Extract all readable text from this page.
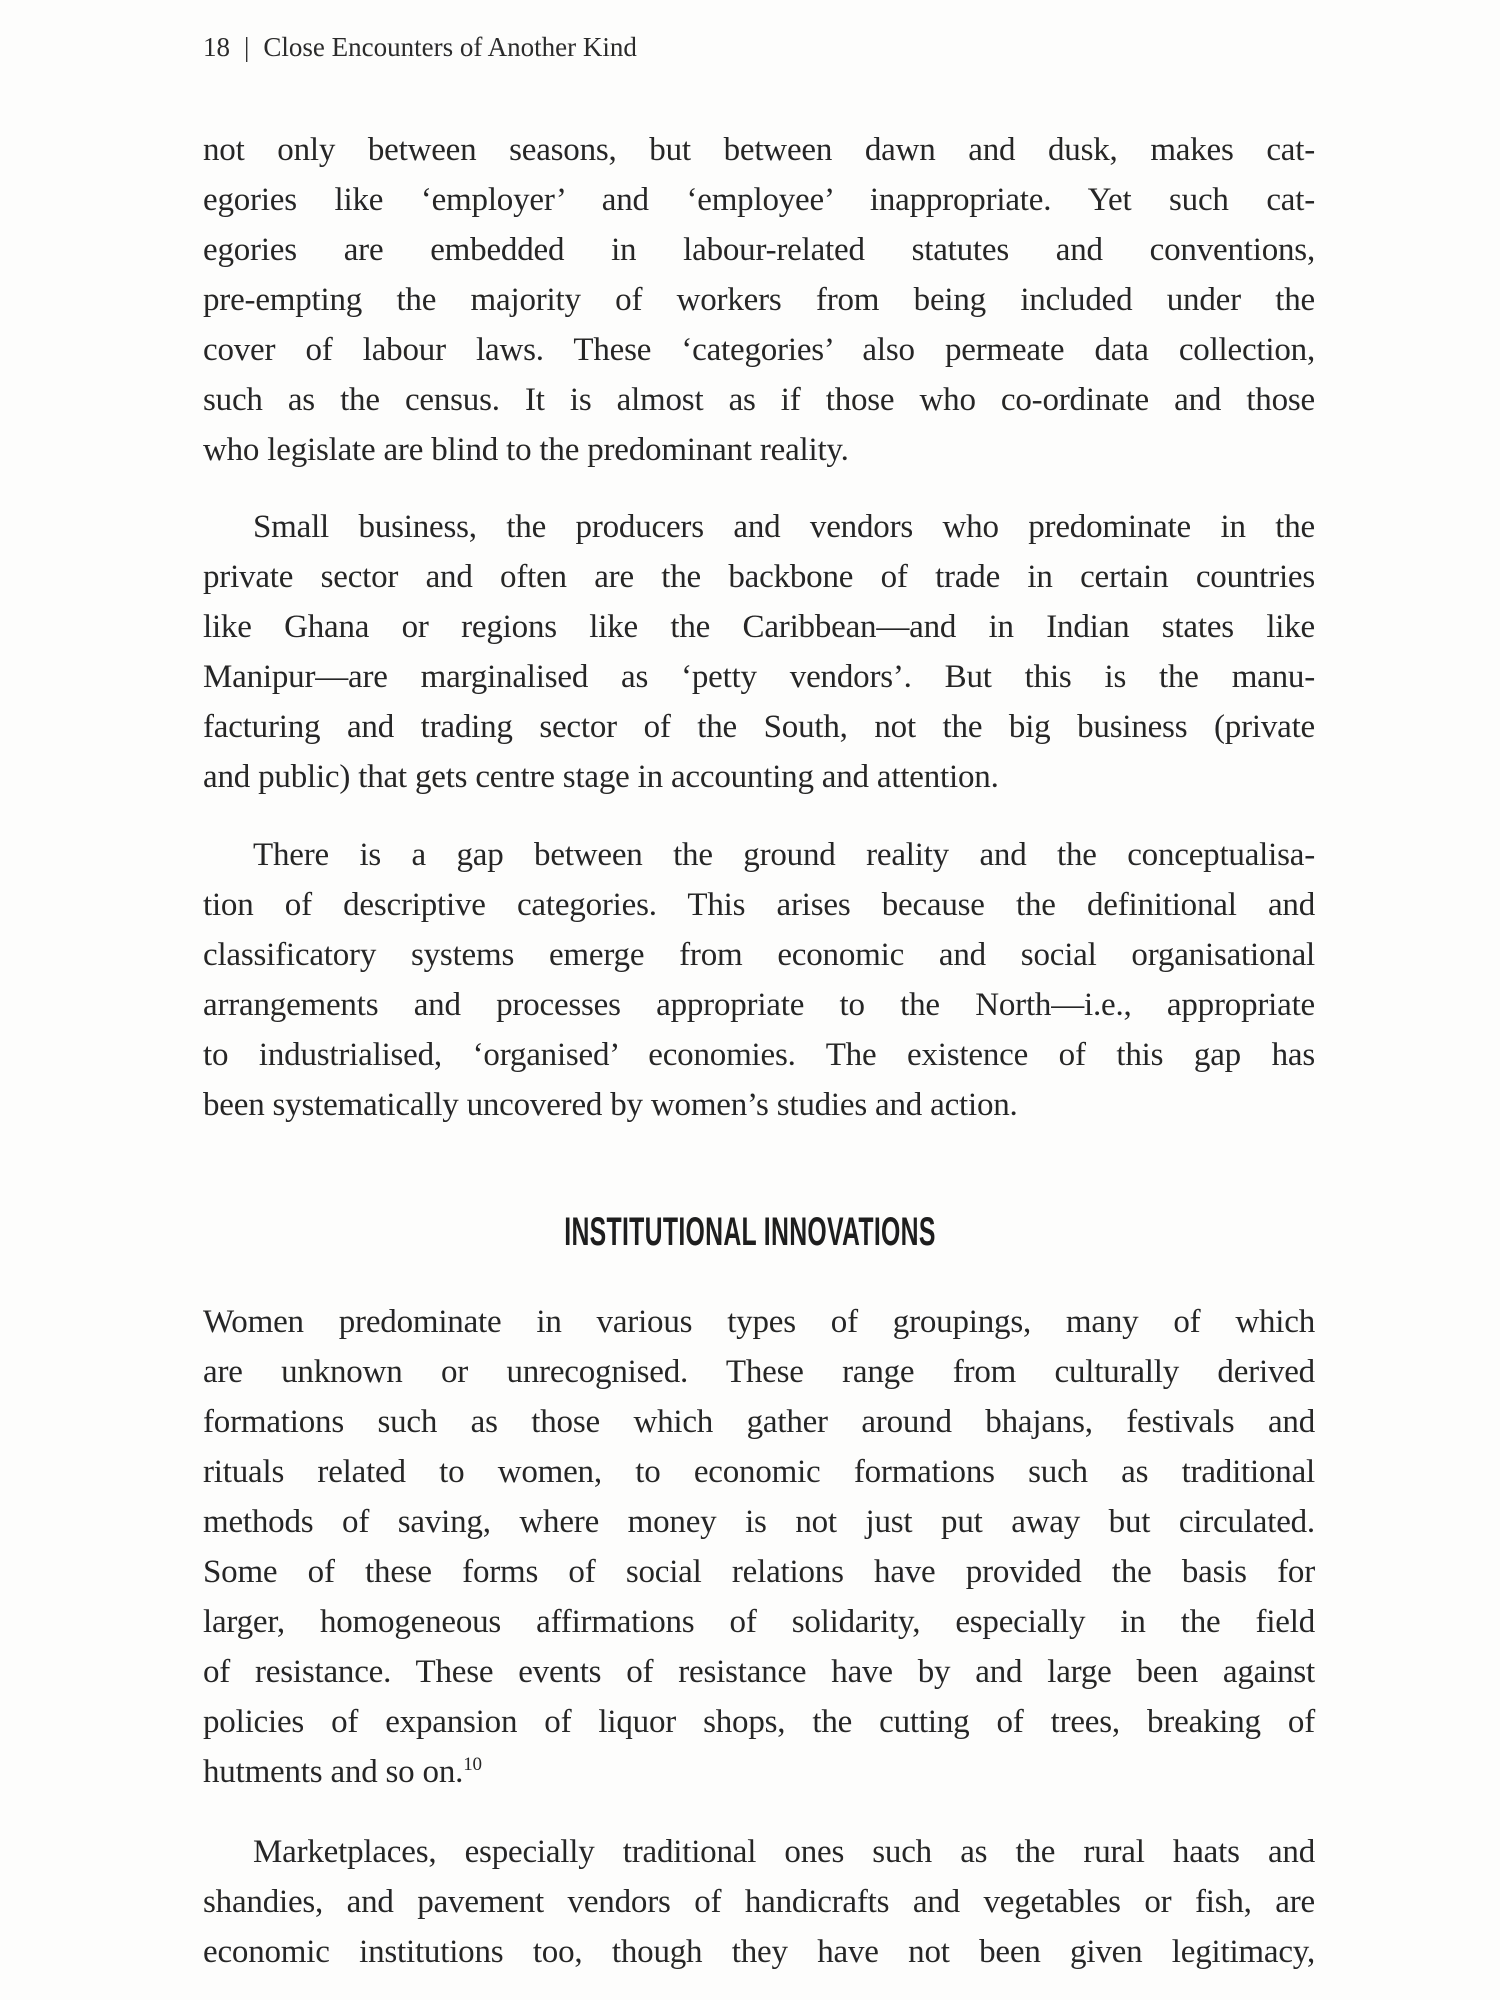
18 | Close Encounters of Another Kind
not only between seasons, but between dawn and dusk, makes cat-
egories like ‘employer’ and ‘employee’ inappropriate. Yet such cat-
egories are embedded in labour-related statutes and conventions,
pre-empting the majority of workers from being included under the
cover of labour laws. These ‘categories’ also permeate data collection,
such as the census. It is almost as if those who co-ordinate and those
who legislate are blind to the predominant reality.
Small business, the producers and vendors who predominate in the
private sector and often are the backbone of trade in certain countries
like Ghana or regions like the Caribbean—and in Indian states like
Manipur—are marginalised as ‘petty vendors’. But this is the manu-
facturing and trading sector of the South, not the big business (private
and public) that gets centre stage in accounting and attention.
There is a gap between the ground reality and the conceptualisa-
tion of descriptive categories. This arises because the definitional and
classificatory systems emerge from economic and social organisational
arrangements and processes appropriate to the North—i.e., appropriate
to industrialised, ‘organised’ economies. The existence of this gap has
been systematically uncovered by women’s studies and action.
INSTITUTIONAL INNOVATIONS
Women predominate in various types of groupings, many of which
are unknown or unrecognised. These range from culturally derived
formations such as those which gather around bhajans, festivals and
rituals related to women, to economic formations such as traditional
methods of saving, where money is not just put away but circulated.
Some of these forms of social relations have provided the basis for
larger, homogeneous affirmations of solidarity, especially in the field
of resistance. These events of resistance have by and large been against
policies of expansion of liquor shops, the cutting of trees, breaking of
hutments and so on.$^{10}$
Marketplaces, especially traditional ones such as the rural haats and
shandies, and pavement vendors of handicrafts and vegetables or fish, are
economic institutions too, though they have not been given legitimacy,
